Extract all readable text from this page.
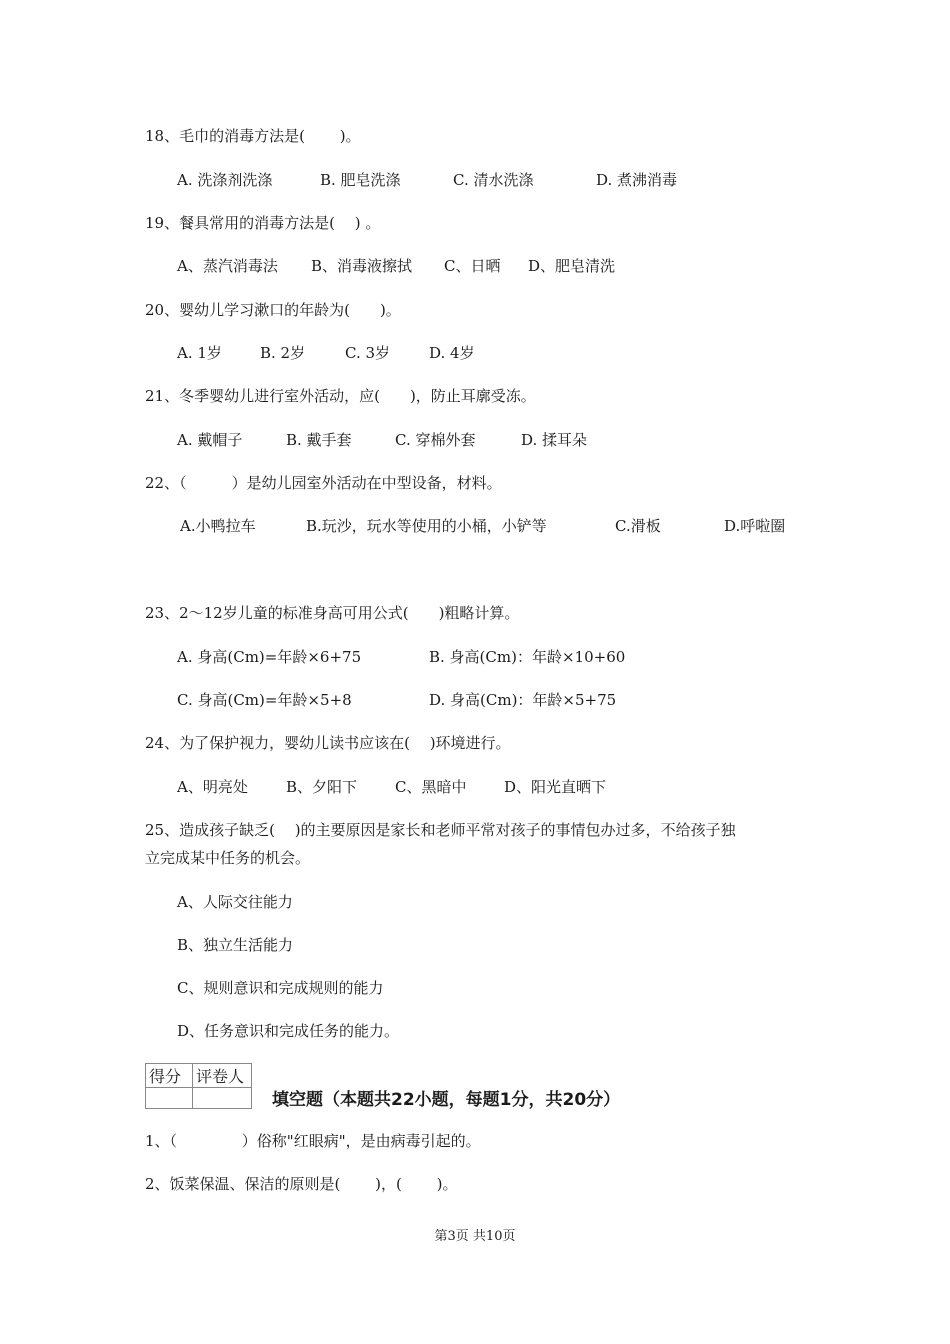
18、毛巾的消毒方法是(　　 )。
A. 洗涤剂洗涤	B. 肥皂洗涤	C. 清水洗涤	D. 煮沸消毒
19、餐具常用的消毒方法是(　 ) 。
A、蒸汽消毒法 B、消毒液擦拭 C、日晒 D、肥皂清洗
20、婴幼儿学习漱口的年龄为(　　)。
A. 1岁	B. 2岁	C. 3岁	D. 4岁
21、冬季婴幼儿进行室外活动，应(　　)，防止耳廓受冻。
A. 戴帽子	B. 戴手套	C. 穿棉外套	D. 揉耳朵
22、（　　　）是幼儿园室外活动在中型设备，材料。
A.小鸭拉车	B.玩沙，玩水等使用的小桶，小铲等	C.滑板	D.呼啦圈
23、2～12岁儿童的标准身高可用公式(　　)粗略计算。
A. 身高(Cm)=年龄×6+75	B. 身高(Cm)：年龄×10+60
C. 身高(Cm)=年龄×5+8	D. 身高(Cm)：年龄×5+75
24、为了保护视力，婴幼儿读书应该在(　 )环境进行。
A、明亮处	B、夕阳下	C、黑暗中	D、阳光直晒下
25、造成孩子缺乏(　 )的主要原因是家长和老师平常对孩子的事情包办过多，不给孩子独
立完成某中任务的机会。
A、人际交往能力
B、独立生活能力
C、规则意识和完成规则的能力
D、任务意识和完成任务的能力。
得分	评卷人

填空题（本题共22小题，每题1分，共20分）
1、（　　　　 ）俗称"红眼病"，是由病毒引起的。
2、饭菜保温、保洁的原则是(　　 )，(　　 )。
第3页 共10页
